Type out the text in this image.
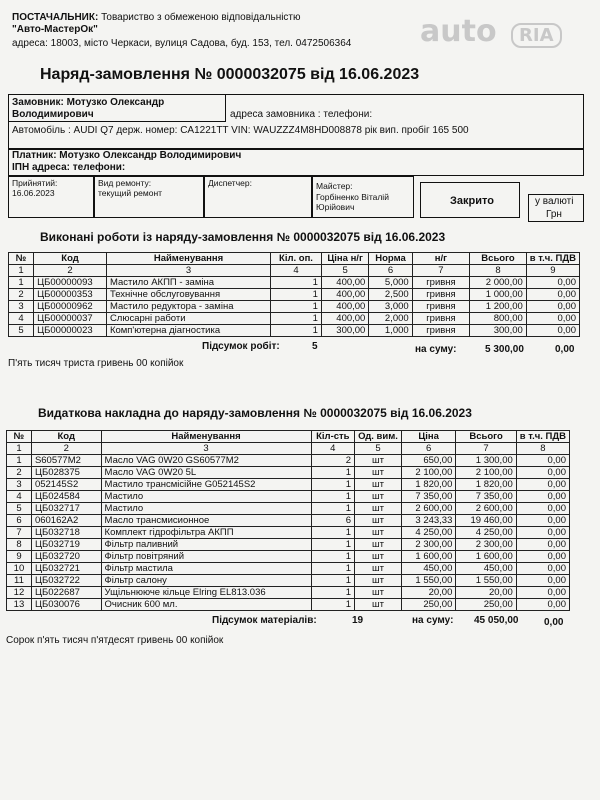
auto RIA
ПОСТАЧАЛЬНИК: Товариство з обмеженою відповідальністю
"Авто-МастерОк"
адреса: 18003, місто Черкаси, вулиця Садова, буд. 153, тел. 0472506364
Наряд-замовлення № 0000032075 від 16.06.2023
Замовник: Мотузко Олександр
Володимирович	адреса замовника : телефони:
Автомобіль : AUDI Q7 держ. номер: CA1221TT VIN: WAUZZZ4M8HD008878 рік вип. пробіг 165 500
Платник: Мотузко Олександр Володимирович
ІПН адреса: телефони:
Прийнятий:
16.06.2023
Вид ремонту:
текущий ремонт
Диспетчер:	Майстер:
Горбіненко Віталій
Юрійович	Закрито	у валюті
Грн
Виконані роботи із наряду-замовлення № 0000032075 від 16.06.2023
№	Код	Найменування	Кіл. оп.	Ціна н/г	Норма	н/г	Всього	в т.ч. ПДВ
1	2	3	4	5	6	7	8	9
1	ЦБ00000093	Мастило АКПП - заміна	1	400,00	5,000	гривня	2 000,00	0,00
2	ЦБ00000353	Технічне обслуговування	1	400,00	2,500	гривня	1 000,00	0,00
3	ЦБ00000962	Мастило редуктора - заміна	1	400,00	3,000	гривня	1 200,00	0,00
4	ЦБ00000037	Слюсарні работи	1	400,00	2,000	гривня	800,00	0,00
5	ЦБ00000023	Комп'ютерна діагностика	1	300,00	1,000	гривня	300,00	0,00
Підсумок робіт:	5	на суму:	5 300,00	0,00
П'ять тисяч триста гривень 00 копійок
Видаткова накладна до наряду-замовлення № 0000032075 від 16.06.2023
№	Код	Найменування	Кіл-сть	Од. вим.	Ціна	Всього	в т.ч. ПДВ
1	2	3	4	5	6	7	8
1	S60577M2	Масло VAG 0W20 GS60577M2	2	шт	650,00	1 300,00	0,00
2	ЦБ028375	Масло VAG 0W20 5L	1	шт	2 100,00	2 100,00	0,00
3	052145S2	Мастило трансмісійне G052145S2	1	шт	1 820,00	1 820,00	0,00
4	ЦБ024584	Мастило	1	шт	7 350,00	7 350,00	0,00
5	ЦБ032717	Мастило	1	шт	2 600,00	2 600,00	0,00
6	060162A2	Масло трансмисионное	6	шт	3 243,33	19 460,00	0,00
7	ЦБ032718	Комплект гідрофільтра АКПП	1	шт	4 250,00	4 250,00	0,00
8	ЦБ032719	Фільтр паливний	1	шт	2 300,00	2 300,00	0,00
9	ЦБ032720	Фільтр повітряний	1	шт	1 600,00	1 600,00	0,00
10	ЦБ032721	Фільтр мастила	1	шт	450,00	450,00	0,00
11	ЦБ032722	Фільтр салону	1	шт	1 550,00	1 550,00	0,00
12	ЦБ022687	Ущільнююче кільце Elring EL813.036	1	шт	20,00	20,00	0,00
13	ЦБ030076	Очисник 600 мл.	1	шт	250,00	250,00	0,00
Підсумок матеріалів:	19	на суму: 45 050,00	0,00
Сорок п'ять тисяч п'ятдесят гривень 00 копійок
